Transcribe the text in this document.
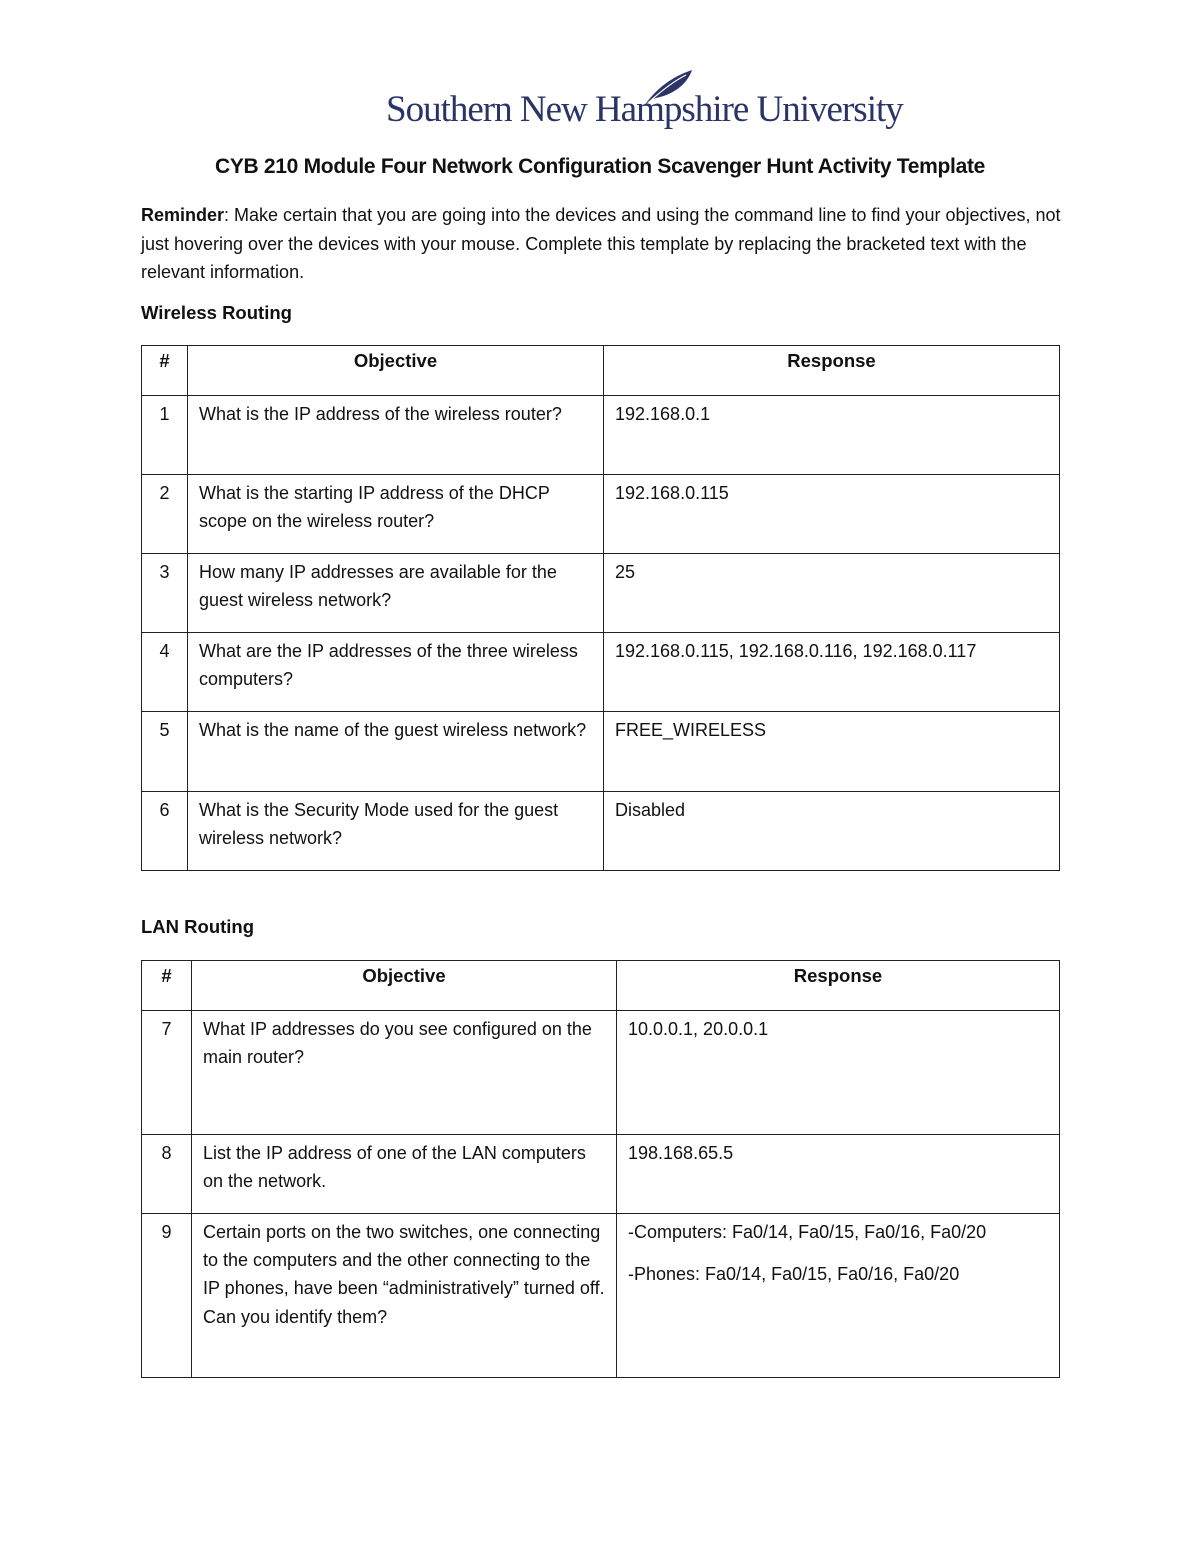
Southern New Hampshire University
CYB 210 Module Four Network Configuration Scavenger Hunt Activity Template

Reminder: Make certain that you are going into the devices and using the command line to find your objectives, not just hovering over the devices with your mouse. Complete this template by replacing the bracketed text with the relevant information.

Wireless Routing
#	Objective	Response
1	What is the IP address of the wireless router?	192.168.0.1
2	What is the starting IP address of the DHCP scope on the wireless router?	192.168.0.115
3	How many IP addresses are available for the guest wireless network?	25
4	What are the IP addresses of the three wireless computers?	192.168.0.115, 192.168.0.116, 192.168.0.117
5	What is the name of the guest wireless network?	FREE_WIRELESS
6	What is the Security Mode used for the guest wireless network?	Disabled
LAN Routing
#	Objective	Response
7	What IP addresses do you see configured on the main router?	10.0.0.1, 20.0.0.1
8	List the IP address of one of the LAN computers on the network.	198.168.65.5
9	Certain ports on the two switches, one connecting to the computers and the other connecting to the IP phones, have been “administratively” turned off. Can you identify them?	-Computers: Fa0/14, Fa0/15, Fa0/16, Fa0/20

-Phones: Fa0/14, Fa0/15, Fa0/16, Fa0/20
